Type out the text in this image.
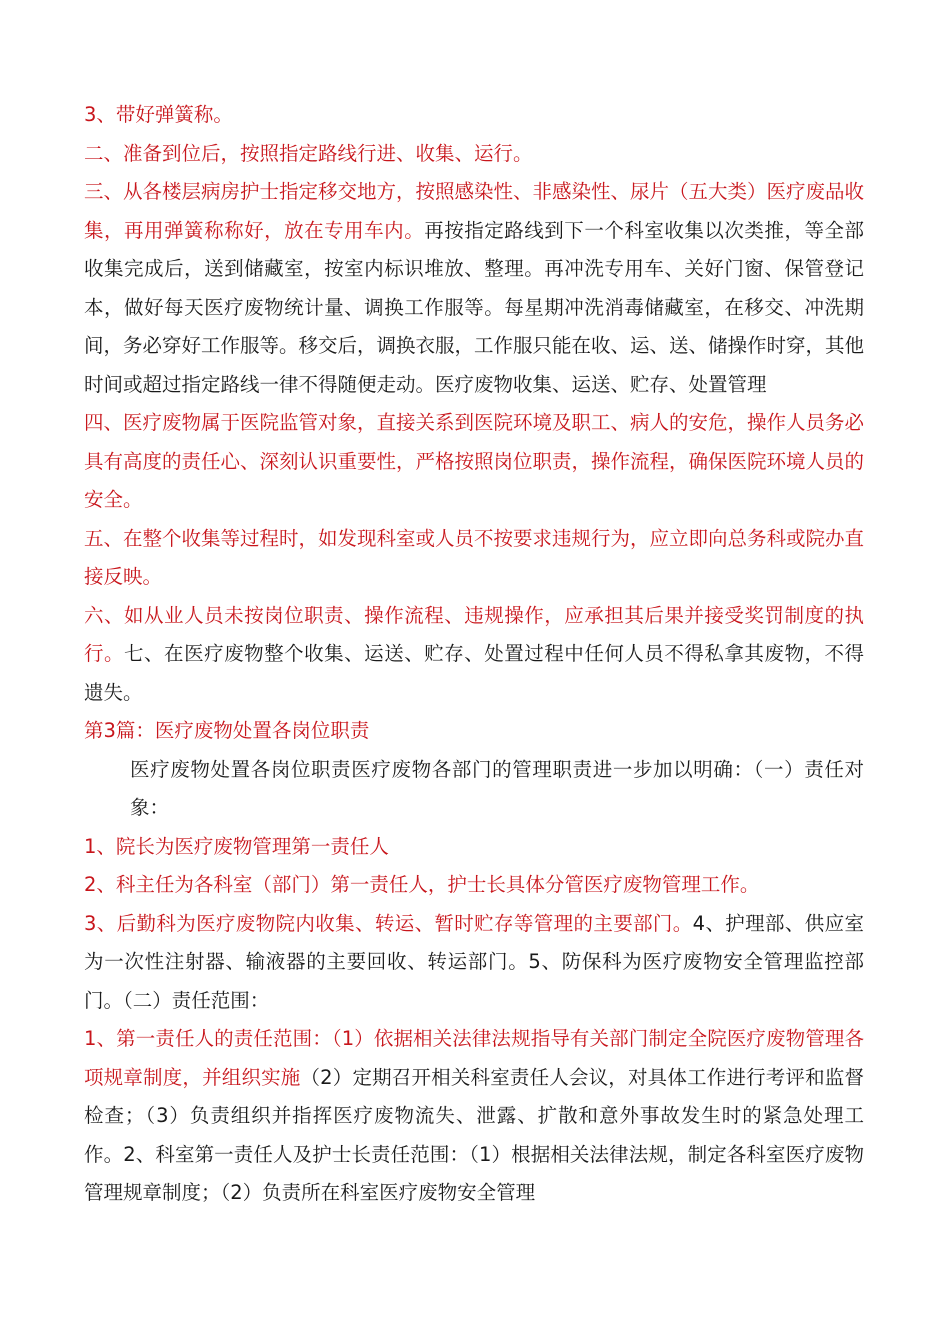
3、带好弹簧称。

二、准备到位后，按照指定路线行进、收集、运行。

三、从各楼层病房护士指定移交地方，按照感染性、非感染性、尿片（五大类）医疗废品收集，再用弹簧称称好，放在专用车内。再按指定路线到下一个科室收集以次类推，等全部收集完成后，送到储藏室，按室内标识堆放、整理。再冲洗专用车、关好门窗、保管登记本，做好每天医疗废物统计量、调换工作服等。每星期冲洗消毒储藏室，在移交、冲洗期间，务必穿好工作服等。移交后，调换衣服，工作服只能在收、运、送、储操作时穿，其他时间或超过指定路线一律不得随便走动。医疗废物收集、运送、贮存、处置管理

四、医疗废物属于医院监管对象，直接关系到医院环境及职工、病人的安危，操作人员务必具有高度的责任心、深刻认识重要性，严格按照岗位职责，操作流程，确保医院环境人员的安全。

五、在整个收集等过程时，如发现科室或人员不按要求违规行为，应立即向总务科或院办直接反映。

六、如从业人员未按岗位职责、操作流程、违规操作，应承担其后果并接受奖罚制度的执行。七、在医疗废物整个收集、运送、贮存、处置过程中任何人员不得私拿其废物，不得遗失。

第3篇：医疗废物处置各岗位职责

医疗废物处置各岗位职责医疗废物各部门的管理职责进一步加以明确：（一）责任对象：

1、院长为医疗废物管理第一责任人

2、科主任为各科室（部门）第一责任人，护士长具体分管医疗废物管理工作。

3、后勤科为医疗废物院内收集、转运、暂时贮存等管理的主要部门。4、护理部、供应室为一次性注射器、输液器的主要回收、转运部门。5、防保科为医疗废物安全管理监控部门。（二）责任范围：

1、第一责任人的责任范围：（1）依据相关法律法规指导有关部门制定全院医疗废物管理各项规章制度，并组织实施（2）定期召开相关科室责任人会议，对具体工作进行考评和监督检查；（3）负责组织并指挥医疗废物流失、泄露、扩散和意外事故发生时的紧急处理工作。2、科室第一责任人及护士长责任范围：（1）根据相关法律法规，制定各科室医疗废物管理规章制度；（2）负责所在科室医疗废物安全管理
